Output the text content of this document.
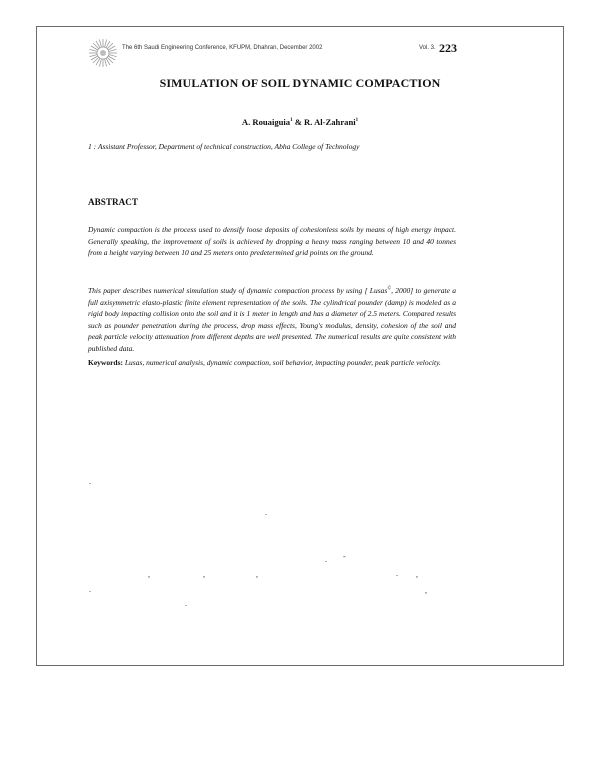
The 6th Saudi Engineering Conference, KFUPM, Dhahran, December 2002	Vol. 3. 223
SIMULATION OF SOIL DYNAMIC COMPACTION
A. Rouaiguia$^1$ & R. Al-Zahrani$^1$
1 : Assistant Professor, Department of technical construction, Abha College of Technology
ABSTRACT

Dynamic compaction is the process used to densify loose deposits of cohesionless soils by means of high energy impact. Generally speaking, the improvement of soils is achieved by dropping a heavy mass ranging between 10 and 40 tonnes from a height varying between 10 and 25 meters onto predetermined grid points on the ground.

This paper describes numerical simulation study of dynamic compaction process by using [ Lusas©, 2000] to generate a full axisymmetric elasto-plastic finite element representation of the soils. The cylindrical pounder (damp) is modeled as a rigid body impacting collision onto the soil and it is 1 meter in length and has a diameter of 2.5 meters. Compared results such as pounder penetration during the process, drop mass effects, Young's modulus, density, cohesion of the soil and peak particle velocity attenuation from different depths are well presented. The numerical results are quite consistent with published data.

Keywords: Lusas, numerical analysis, dynamic compaction, soil behavior, impacting pounder, peak particle velocity.

.
.
. -
,	,	,	. ,
.	,
.
